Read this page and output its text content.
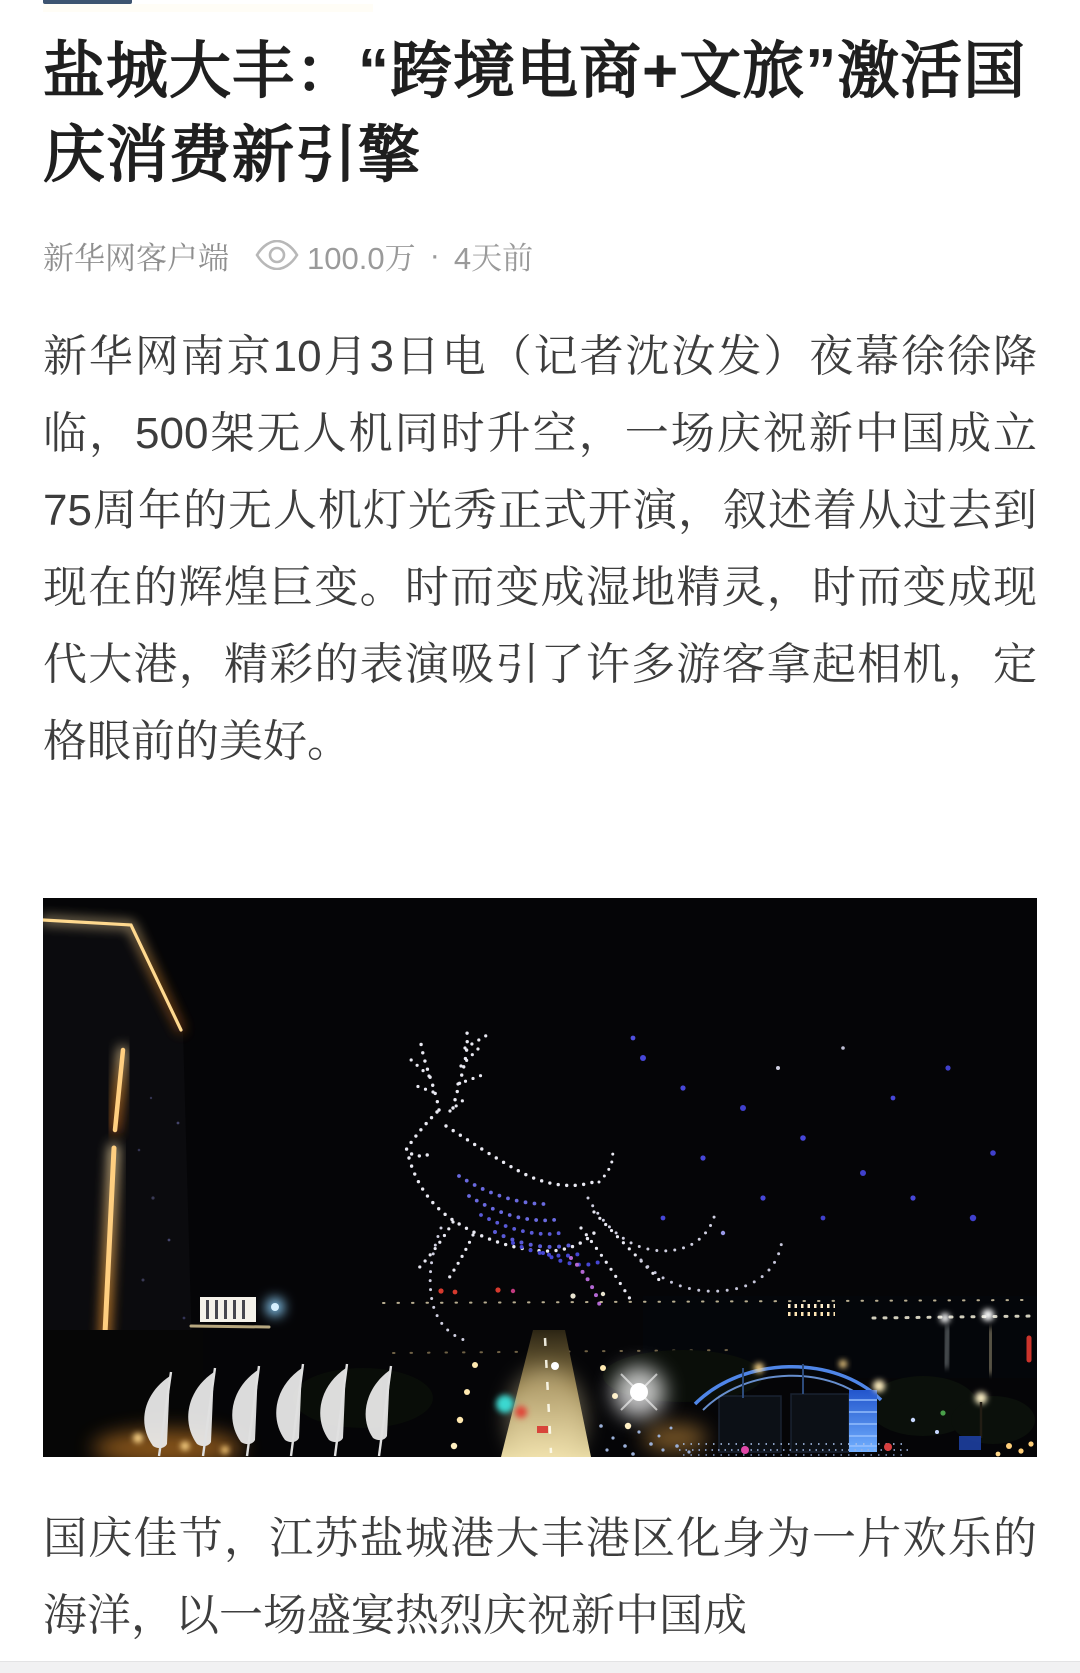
盐城大丰：“跨境电商+文旅”激活国庆消费新引擎
新华网客户端	100.0万 · 4天前

新华网南京10月3日电（记者沈汝发）夜幕徐徐降临，500架无人机同时升空，一场庆祝新中国成立75周年的无人机灯光秀正式开演，叙述着从过去到现在的辉煌巨变。时而变成湿地精灵，时而变成现代大港，精彩的表演吸引了许多游客拿起相机，定格眼前的美好。

国庆佳节，江苏盐城港大丰港区化身为一片欢乐的海洋，以一场盛宴热烈庆祝新中国成
